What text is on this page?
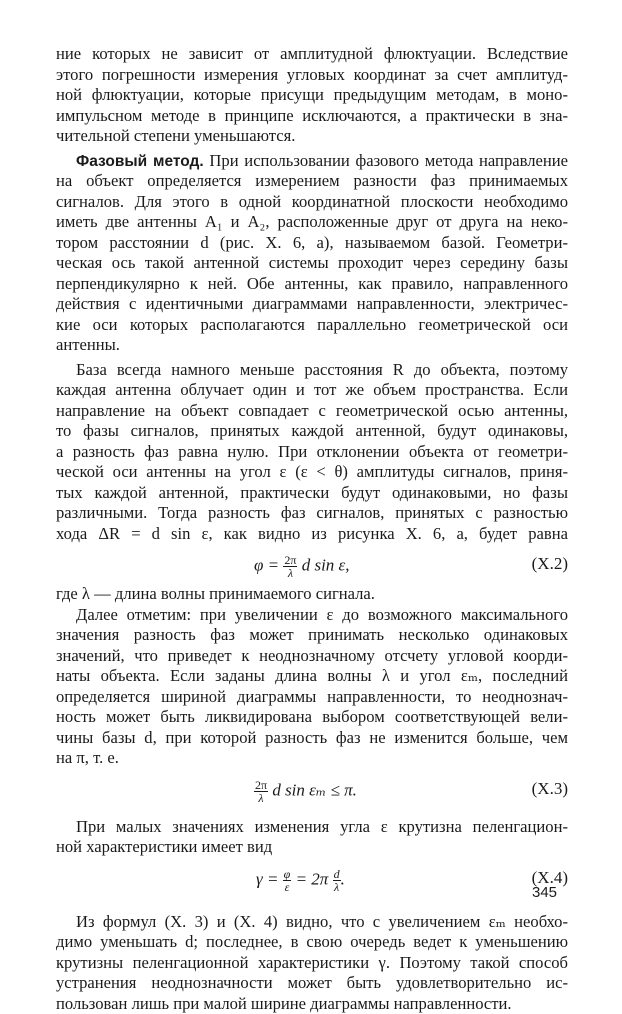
ние которых не зависит от амплитудной флюктуации. Вследствие
этого погрешности измерения угловых координат за счет амплитуд-
ной флюктуации, которые присущи предыдущим методам, в моно-
импульсном методе в принципе исключаются, а практически в зна-
чительной степени уменьшаются.
Фазовый метод. При использовании фазового метода направление
на объект определяется измерением разности фаз принимаемых
сигналов. Для этого в одной координатной плоскости необходимо
иметь две антенны A₁ и A₂, расположенные друг от друга на неко-
тором расстоянии d (рис. X. 6, a), называемом базой. Геометри-
ческая ось такой антенной системы проходит через середину базы
перпендикулярно к ней. Обе антенны, как правило, направленного
действия с идентичными диаграммами направленности, электричес-
кие оси которых располагаются параллельно геометрической оси
антенны.
База всегда намного меньше расстояния R до объекта, поэтому
каждая антенна облучает один и тот же объем пространства. Если
направление на объект совпадает с геометрической осью антенны,
то фазы сигналов, принятых каждой антенной, будут одинаковы,
а разность фаз равна нулю. При отклонении объекта от геометри-
ческой оси антенны на угол ε (ε < θ) амплитуды сигналов, приня-
тых каждой антенной, практически будут одинаковыми, но фазы
различными. Тогда разность фаз сигналов, принятых с разностью
хода ΔR = d sin ε, как видно из рисунка X. 6, a, будет равна
$\varphi = \frac{2\pi}{\lambda}$ d sin ε,	(X.2)
где λ — длина волны принимаемого сигнала.
Далее отметим: при увеличении ε до возможного максимального
значения разность фаз может принимать несколько одинаковых
значений, что приведет к неоднозначному отсчету угловой коорди-
наты объекта. Если заданы длина волны λ и угол εₘ, последний
определяется шириной диаграммы направленности, то неоднознач-
ность может быть ликвидирована выбором соответствующей вели-
чины базы d, при которой разность фаз не изменится больше, чем
на π, т. е.
$\frac{2\pi}{\lambda}$ d sin εₘ ≤ π.	(X.3)
При малых значениях изменения угла ε крутизна пеленгацион-
ной характеристики имеет вид
$\gamma = \frac{\varphi}{\varepsilon} = 2\pi \frac{d}{\lambda}$ .	(X.4)
Из формул (X. 3) и (X. 4) видно, что с увеличением εₘ необхо-
димо уменьшать d; последнее, в свою очередь ведет к уменьшению
крутизны пеленгационной характеристики γ. Поэтому такой способ
устранения неоднозначности может быть удовлетворительно ис-
пользован лишь при малой ширине диаграммы направленности.
345
